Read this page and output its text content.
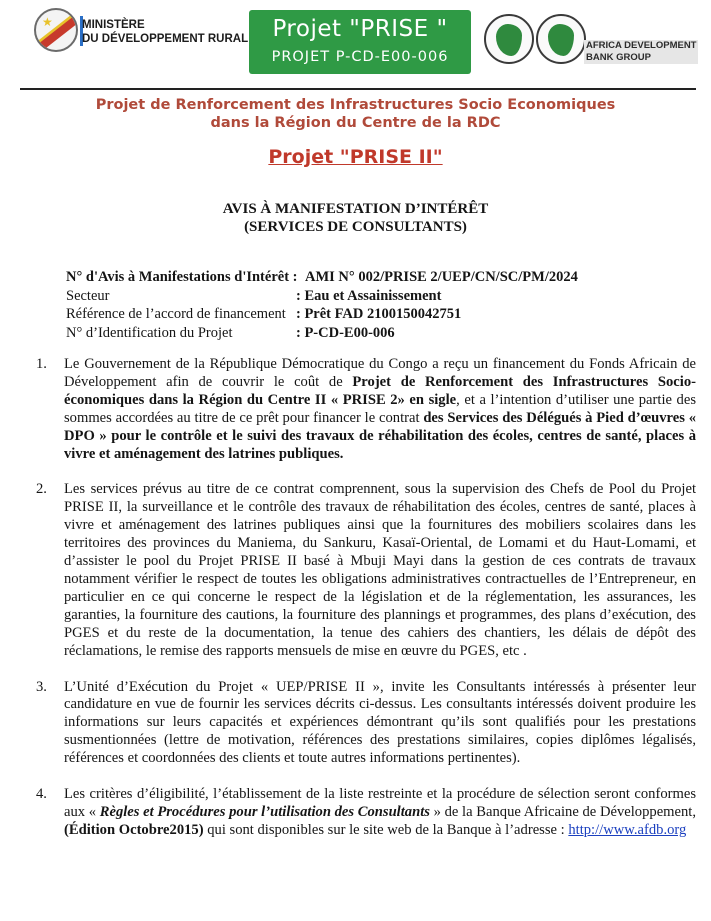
★	MINISTÈRE
DU DÉVELOPPEMENT RURAL	Projet "PRISE "
PROJET P-CD-E00-006
AFRICA DEVELOPMENT
BANK GROUP
Projet de Renforcement des Infrastructures Socio Economiques
dans la Région du Centre de la RDC
Projet "PRISE II"
AVIS À MANIFESTATION D’INTÉRÊT
(SERVICES DE CONSULTANTS)
N° d'Avis à Manifestations d'Intérêt : AMI N° 002/PRISE 2/UEP/CN/SC/PM/2024
Secteur	: Eau et Assainissement
Référence de l’accord de financement : Prêt FAD 2100150042751
N° d’Identification du Projet	: P-CD-E00-006
1. Le Gouvernement de la République Démocratique du Congo a reçu un financement du Fonds Africain de Développement afin de couvrir le coût de Projet de Renforcement des Infrastructures Socio-économiques dans la Région du Centre II « PRISE 2» en sigle, et a l’intention d’utiliser une partie des sommes accordées au titre de ce prêt pour financer le contrat des Services des Délégués à Pied d’œuvres « DPO » pour le contrôle et le suivi des travaux de réhabilitation des écoles, centres de santé, places à vivre et aménagement des latrines publiques.
2. Les services prévus au titre de ce contrat comprennent, sous la supervision des Chefs de Pool du Projet PRISE II, la surveillance et le contrôle des travaux de réhabilitation des écoles, centres de santé, places à vivre et aménagement des latrines publiques ainsi que la fournitures des mobiliers scolaires dans les territoires des provinces du Maniema, du Sankuru, Kasaï-Oriental, de Lomami et du Haut-Lomami, et d’assister le pool du Projet PRISE II basé à Mbuji Mayi dans la gestion de ces contrats de travaux notamment vérifier le respect de toutes les obligations administratives contractuelles de l’Entrepreneur, en particulier en ce qui concerne le respect de la législation et de la réglementation, les assurances, les garanties, la fourniture des cautions, la fourniture des plannings et programmes, des plans d’exécution, des PGES et du reste de la documentation, la tenue des cahiers des chantiers, les délais de dépôt des réclamations, le remise des rapports mensuels de mise en œuvre du PGES, etc .
3. L’Unité d’Exécution du Projet « UEP/PRISE II », invite les Consultants intéressés à présenter leur candidature en vue de fournir les services décrits ci-dessus. Les consultants intéressés doivent produire les informations sur leurs capacités et expériences démontrant qu’ils sont qualifiés pour les prestations susmentionnées (lettre de motivation, références des prestations similaires, copies diplômes légalisés, références et coordonnées des clients et toute autres informations pertinentes).
4. Les critères d’éligibilité, l’établissement de la liste restreinte et la procédure de sélection seront conformes aux « Règles et Procédures pour l’utilisation des Consultants » de la Banque Africaine de Développement, (Édition Octobre2015) qui sont disponibles sur le site web de la Banque à l’adresse : http://www.afdb.org
